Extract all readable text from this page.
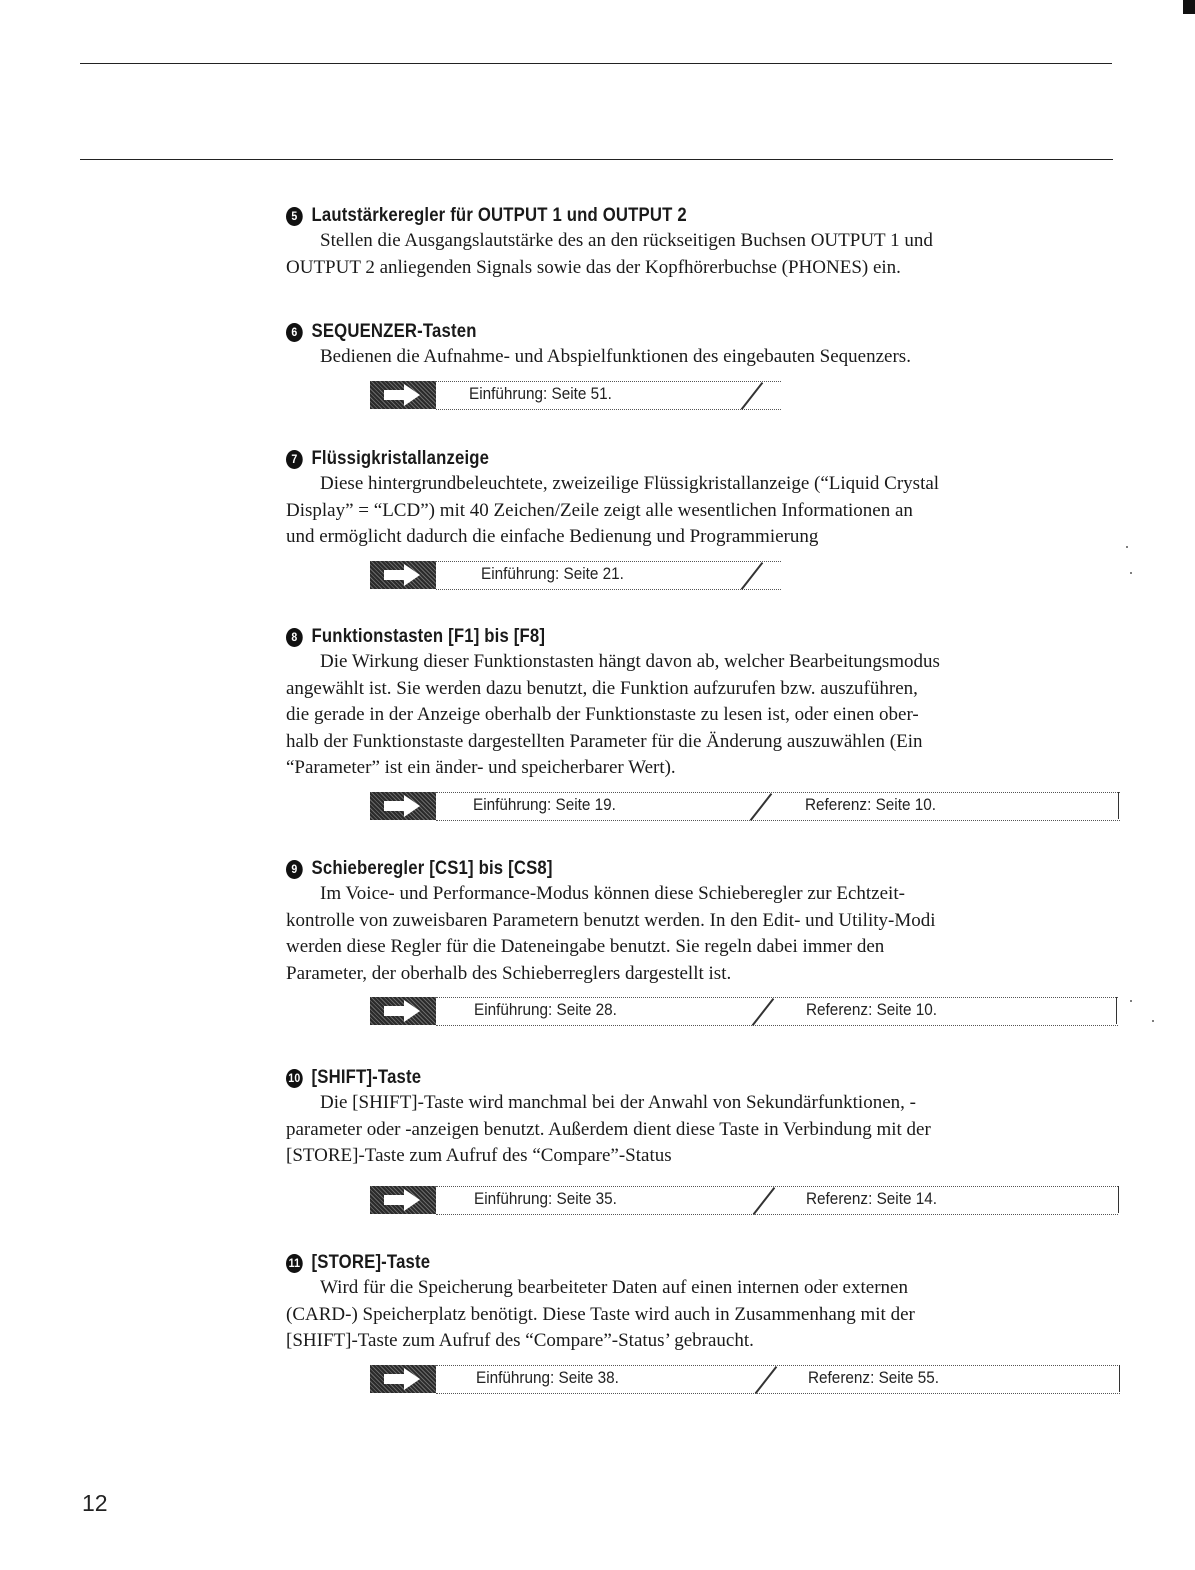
5 Lautstärkeregler für OUTPUT 1 und OUTPUT 2
Stellen die Ausgangslautstärke des an den rückseitigen Buchsen OUTPUT 1 und
OUTPUT 2 anliegenden Signals sowie das der Kopfhörerbuchse (PHONES) ein.
6 SEQUENZER-Tasten
Bedienen die Aufnahme- und Abspielfunktionen des eingebauten Sequenzers.
Einführung: Seite 51.
7 Flüssigkristallanzeige
Diese hintergrundbeleuchtete, zweizeilige Flüssigkristallanzeige (“Liquid Crystal
Display” = “LCD”) mit 40 Zeichen/Zeile zeigt alle wesentlichen Informationen an
und ermöglicht dadurch die einfache Bedienung und Programmierung
Einführung: Seite 21.
8 Funktionstasten [F1] bis [F8]
Die Wirkung dieser Funktionstasten hängt davon ab, welcher Bearbeitungsmodus
angewählt ist. Sie werden dazu benutzt, die Funktion aufzurufen bzw. auszuführen,
die gerade in der Anzeige oberhalb der Funktionstaste zu lesen ist, oder einen ober-
halb der Funktionstaste dargestellten Parameter für die Änderung auszuwählen (Ein
“Parameter” ist ein änder- und speicherbarer Wert).
Einführung: Seite 19.	Referenz: Seite 10.
9 Schieberegler [CS1] bis [CS8]
Im Voice- und Performance-Modus können diese Schieberegler zur Echtzeit-
kontrolle von zuweisbaren Parametern benutzt werden. In den Edit- und Utility-Modi
werden diese Regler für die Dateneingabe benutzt. Sie regeln dabei immer den
Parameter, der oberhalb des Schieberreglers dargestellt ist.
Einführung: Seite 28.	Referenz: Seite 10.
10 [SHIFT]-Taste
Die [SHIFT]-Taste wird manchmal bei der Anwahl von Sekundärfunktionen, -
parameter oder -anzeigen benutzt. Außerdem dient diese Taste in Verbindung mit der
[STORE]-Taste zum Aufruf des “Compare”-Status
Einführung: Seite 35.	Referenz: Seite 14.
11 [STORE]-Taste
Wird für die Speicherung bearbeiteter Daten auf einen internen oder externen
(CARD-) Speicherplatz benötigt. Diese Taste wird auch in Zusammenhang mit der
[SHIFT]-Taste zum Aufruf des “Compare”-Status’ gebraucht.
Einführung: Seite 38.	Referenz: Seite 55.
12
